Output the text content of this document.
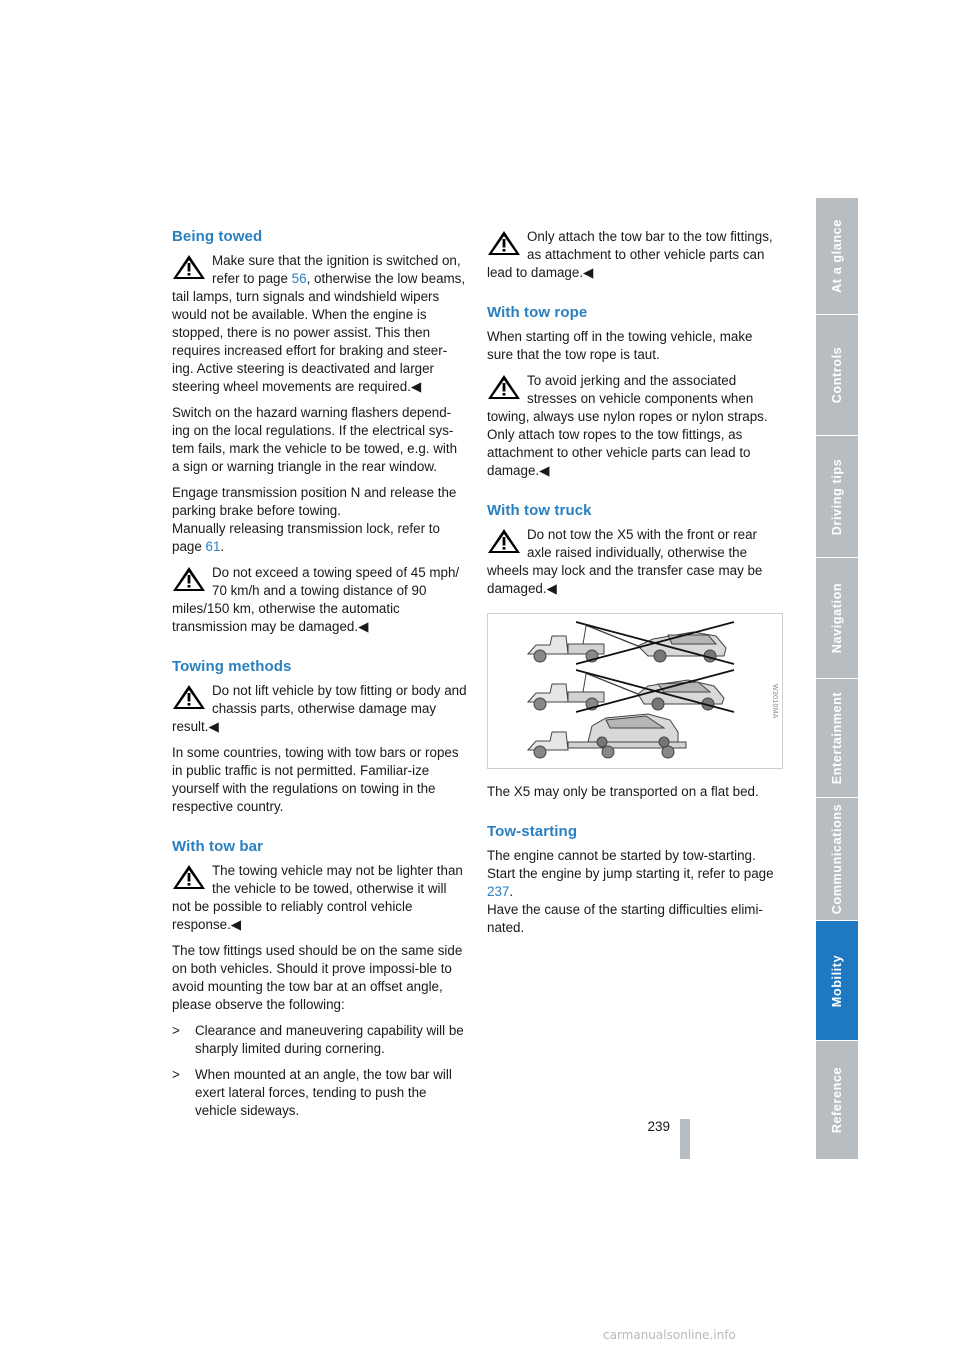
Being towed

Make sure that the ignition is switched on, refer to page 56, otherwise the low beams, tail lamps, turn signals and windshield wipers would not be available. When the engine is stopped, there is no power assist. This then requires increased effort for braking and steer-ing. Active steering is deactivated and larger steering wheel movements are required.◀

Switch on the hazard warning flashers depend-ing on the local regulations. If the electrical sys-tem fails, mark the vehicle to be towed, e.g. with a sign or warning triangle in the rear window.

Engage transmission position N and release the parking brake before towing.

Manually releasing transmission lock, refer to page 61.

Do not exceed a towing speed of 45 mph/ 70 km/h and a towing distance of 90 miles/150 km, otherwise the automatic transmission may be damaged.◀

Towing methods

Do not lift vehicle by tow fitting or body and chassis parts, otherwise damage may result.◀

In some countries, towing with tow bars or ropes in public traffic is not permitted. Familiar-ize yourself with the regulations on towing in the respective country.

With tow bar

The towing vehicle may not be lighter than the vehicle to be towed, otherwise it will not be possible to reliably control vehicle response.◀

The tow fittings used should be on the same side on both vehicles. Should it prove impossi-ble to avoid mounting the tow bar at an offset angle, please observe the following:

> Clearance and maneuvering capability will be sharply limited during cornering.
> When mounted at an angle, the tow bar will exert lateral forces, tending to push the vehicle sideways.

Only attach the tow bar to the tow fittings, as attachment to other vehicle parts can lead to damage.◀

With tow rope

When starting off in the towing vehicle, make sure that the tow rope is taut.

To avoid jerking and the associated stresses on vehicle components when towing, always use nylon ropes or nylon straps. Only attach tow ropes to the tow fittings, as attachment to other vehicle parts can lead to damage.◀

With tow truck

Do not tow the X5 with the front or rear axle raised individually, otherwise the wheels may lock and the transfer case may be damaged.◀

W3010MA

The X5 may only be transported on a flat bed.

Tow-starting

The engine cannot be started by tow-starting.

Start the engine by jump starting it, refer to page 237.

Have the cause of the starting difficulties elimi-nated.

At a glance
Controls
Driving tips
Navigation
Entertainment
Communications
Mobility
Reference
239
carmanualsonline.info
